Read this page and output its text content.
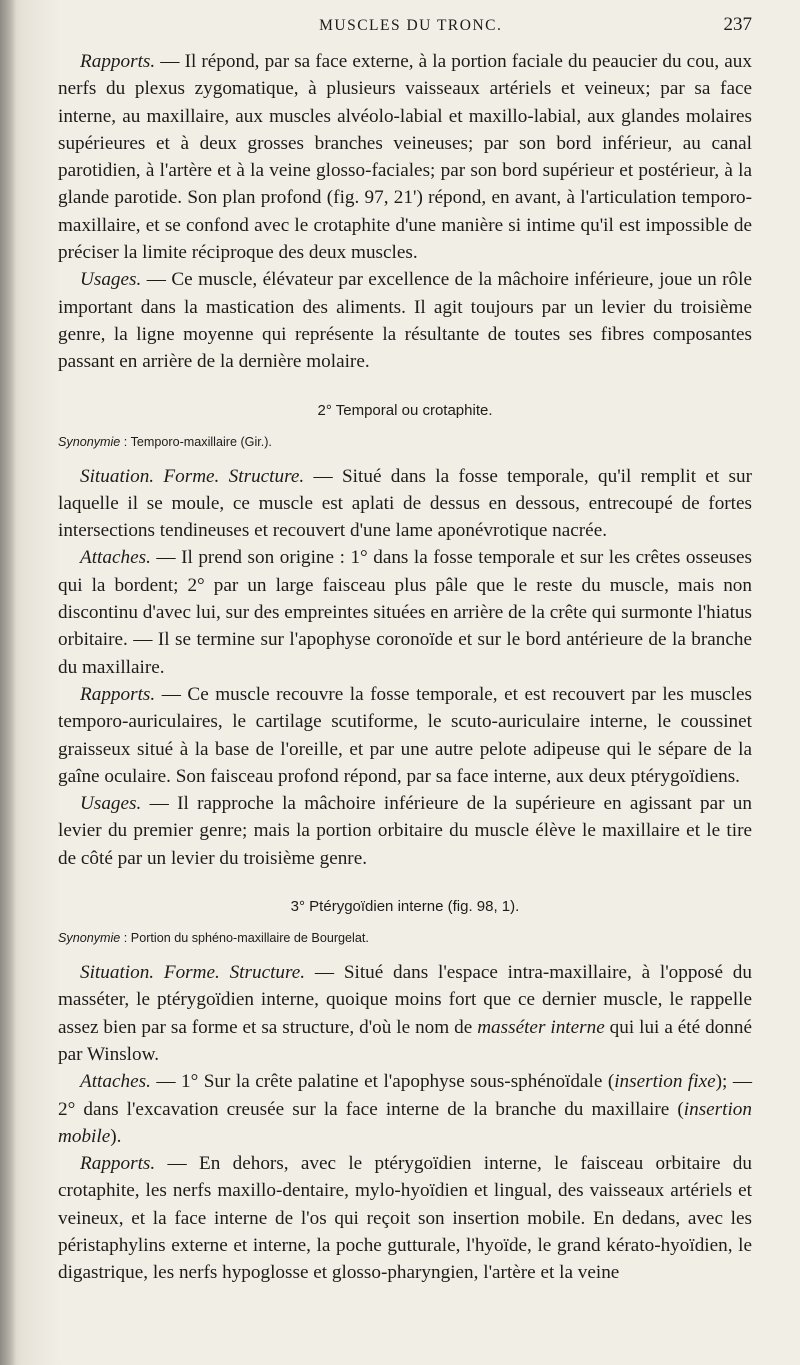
MUSCLES DU TRONC.	237

Rapports. — Il répond, par sa face externe, à la portion faciale du peaucier du cou, aux nerfs du plexus zygomatique, à plusieurs vaisseaux artériels et veineux; par sa face interne, au maxillaire, aux muscles alvéolo-labial et maxillo-labial, aux glandes molaires supérieures et à deux grosses branches veineuses; par son bord inférieur, au canal parotidien, à l'artère et à la veine glosso-faciales; par son bord supérieur et postérieur, à la glande parotide. Son plan profond (fig. 97, 21') répond, en avant, à l'articulation temporo-maxillaire, et se confond avec le crotaphite d'une manière si intime qu'il est impossible de préciser la limite réciproque des deux muscles.

Usages. — Ce muscle, élévateur par excellence de la mâchoire inférieure, joue un rôle important dans la mastication des aliments. Il agit toujours par un levier du troisième genre, la ligne moyenne qui représente la résultante de toutes ses fibres composantes passant en arrière de la dernière molaire.

2° Temporal ou crotaphite.
Synonymie : Temporo-maxillaire (Gir.).

Situation. Forme. Structure. — Situé dans la fosse temporale, qu'il remplit et sur laquelle il se moule, ce muscle est aplati de dessus en dessous, entrecoupé de fortes intersections tendineuses et recouvert d'une lame aponévrotique nacrée.

Attaches. — Il prend son origine : 1° dans la fosse temporale et sur les crêtes osseuses qui la bordent; 2° par un large faisceau plus pâle que le reste du muscle, mais non discontinu d'avec lui, sur des empreintes situées en arrière de la crête qui surmonte l'hiatus orbitaire. — Il se termine sur l'apophyse coronoïde et sur le bord antérieure de la branche du maxillaire.

Rapports. — Ce muscle recouvre la fosse temporale, et est recouvert par les muscles temporo-auriculaires, le cartilage scutiforme, le scuto-auriculaire interne, le coussinet graisseux situé à la base de l'oreille, et par une autre pelote adipeuse qui le sépare de la gaîne oculaire. Son faisceau profond répond, par sa face interne, aux deux ptérygoïdiens.

Usages. — Il rapproche la mâchoire inférieure de la supérieure en agissant par un levier du premier genre; mais la portion orbitaire du muscle élève le maxillaire et le tire de côté par un levier du troisième genre.

3° Ptérygoïdien interne (fig. 98, 1).
Synonymie : Portion du sphéno-maxillaire de Bourgelat.

Situation. Forme. Structure. — Situé dans l'espace intra-maxillaire, à l'opposé du masséter, le ptérygoïdien interne, quoique moins fort que ce dernier muscle, le rappelle assez bien par sa forme et sa structure, d'où le nom de masséter interne qui lui a été donné par Winslow.

Attaches. — 1° Sur la crête palatine et l'apophyse sous-sphénoïdale (insertion fixe); — 2° dans l'excavation creusée sur la face interne de la branche du maxillaire (insertion mobile).

Rapports. — En dehors, avec le ptérygoïdien interne, le faisceau orbitaire du crotaphite, les nerfs maxillo-dentaire, mylo-hyoïdien et lingual, des vaisseaux artériels et veineux, et la face interne de l'os qui reçoit son insertion mobile. En dedans, avec les péristaphylins externe et interne, la poche gutturale, l'hyoïde, le grand kérato-hyoïdien, le digastrique, les nerfs hypoglosse et glosso-pharyngien, l'artère et la veine
